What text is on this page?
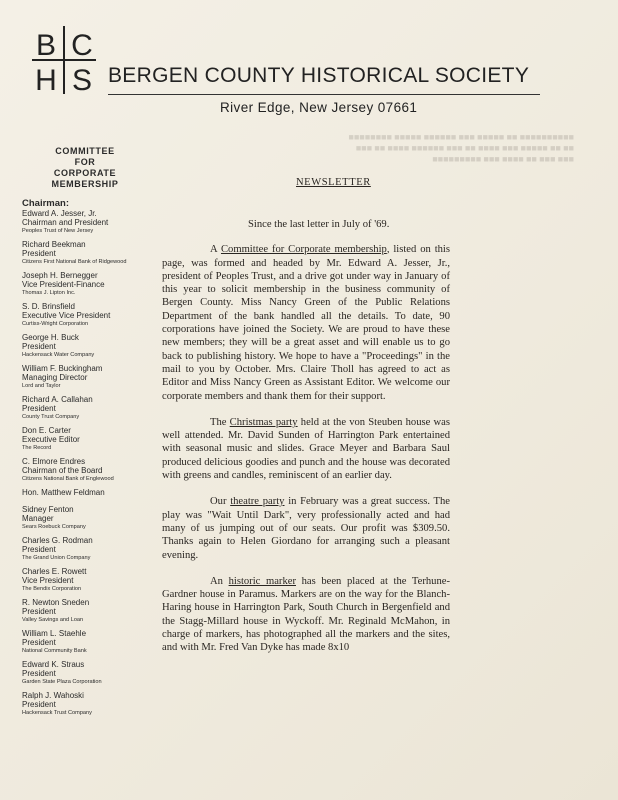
B C
H S BERGEN COUNTY HISTORICAL SOCIETY
River Edge, New Jersey 07661
COMMITTEE
FOR
CORPORATE
MEMBERSHIP
Chairman:
Edward A. Jesser, Jr.
Chairman and President
Peoples Trust of New Jersey
Richard Beekman
President
Citizens First National Bank of Ridgewood
Joseph H. Bernegger
Vice President-Finance
Thomas J. Lipton Inc.
S. D. Brinsfield
Executive Vice President
Curtiss-Wright Corporation
George H. Buck
President
Hackensack Water Company
William F. Buckingham
Managing Director
Lord and Taylor
Richard A. Callahan
President
County Trust Company
Don E. Carter
Executive Editor
The Record
C. Elmore Endres
Chairman of the Board
Citizens National Bank of Englewood
Hon. Matthew Feldman
Sidney Fenton
Manager
Sears Roebuck Company
Charles G. Rodman
President
The Grand Union Company
Charles E. Rowett
Vice President
The Bendix Corporation
R. Newton Sneden
President
Valley Savings and Loan
William L. Staehle
President
National Community Bank
Edward K. Straus
President
Garden State Plaza Corporation
Ralph J. Wahoski
President
Hackensack Trust Company
■■■■■■■■■■ ■■ ■■■■■ ■■■ ■■■■■■ ■■■■■ ■■■■■■■■
■■ ■■ ■■■■■ ■■■ ■■■■ ■■ ■■■ ■■■■■■ ■■■■ ■■ ■■■
■■■ ■■■ ■■ ■■■■ ■■■ ■■■■■■■■■
NEWSLETTER

Since the last letter in July of '69.

A Committee for Corporate membership, listed on this page, was formed and headed by Mr. Edward A. Jesser, Jr., president of Peoples Trust, and a drive got under way in January of this year to solicit membership in the business community of Bergen County. Miss Nancy Green of the Public Relations Department of the bank handled all the details. To date, 90 corporations have joined the Society. We are proud to have these new members; they will be a great asset and will enable us to go back to publishing history. We hope to have a "Proceedings" in the mail to you by October. Mrs. Claire Tholl has agreed to act as Editor and Miss Nancy Green as Assistant Editor. We welcome our corporate members and thank them for their support.

The Christmas party held at the von Steuben house was well attended. Mr. David Sunden of Harrington Park entertained with seasonal music and slides. Grace Meyer and Barbara Saul produced delicious goodies and punch and the house was decorated with greens and candles, reminiscent of an earlier day.

Our theatre party in February was a great success. The play was "Wait Until Dark", very professionally acted and had many of us jumping out of our seats. Our profit was $309.50. Thanks again to Helen Giordano for arranging such a pleasant evening.

An historic marker has been placed at the Terhune-Gardner house in Paramus. Markers are on the way for the Blanch-Haring house in Harrington Park, South Church in Bergenfield and the Stagg-Millard house in Wyckoff. Mr. Reginald McMahon, in charge of markers, has photographed all the markers and the sites, and with Mr. Fred Van Dyke has made 8x10
